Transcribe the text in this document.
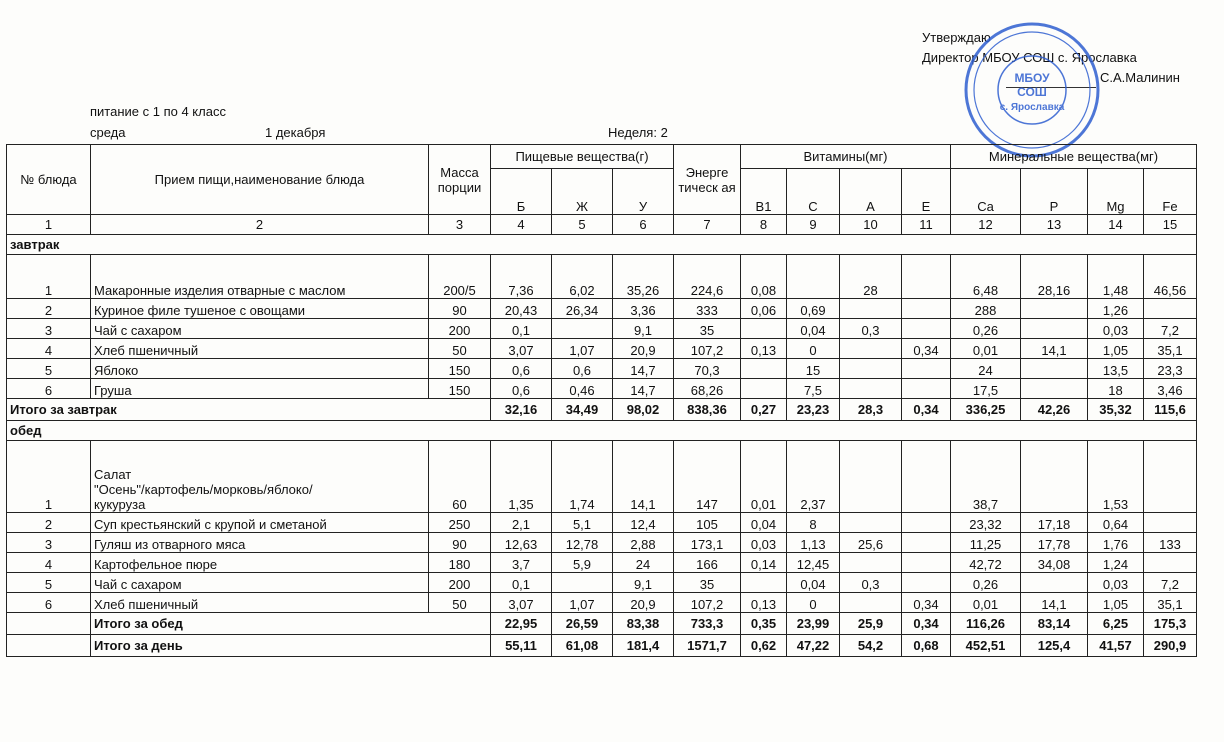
Утверждаю
Директор МБОУ СОШ с. Ярославка
С.А.Малинин
МБОУ
СОШ
с. Ярославка
питание с 1 по 4 класс
среда	1 декабря	Неделя: 2
№ блюда	Прием пищи,наименование блюда	Масса порции	Пищевые вещества(г)			Энерге тическ ая	Витамины(мг)				Минеральные вещества(мг)			
			Б	Ж	У		B1	C	A	E	Ca	P	Mg	Fe
1	2	3	4	5	6	7	8	9	10	11	12	13	14	15
завтрак														
1	Макаронные изделия отварные с маслом	200/5	7,36	6,02	35,26	224,6	0,08		28		6,48	28,16	1,48	46,56
2	Куриное филе тушеное с овощами	90	20,43	26,34	3,36	333	0,06	0,69			288		1,26	
3	Чай с сахаром	200	0,1		9,1	35		0,04	0,3		0,26		0,03	7,2
4	Хлеб пшеничный	50	3,07	1,07	20,9	107,2	0,13	0		0,34	0,01	14,1	1,05	35,1
5	Яблоко	150	0,6	0,6	14,7	70,3		15			24		13,5	23,3
6	Груша	150	0,6	0,46	14,7	68,26		7,5			17,5		18	3,46
Итого за завтрак			32,16	34,49	98,02	838,36	0,27	23,23	28,3	0,34	336,25	42,26	35,32	115,6
обед														
1	Салат
"Осень"/картофель/морковь/яблоко/
кукуруза	60	1,35	1,74	14,1	147	0,01	2,37			38,7		1,53	
2	Суп крестьянский с крупой и сметаной	250	2,1	5,1	12,4	105	0,04	8			23,32	17,18	0,64	
3	Гуляш из отварного мяса	90	12,63	12,78	2,88	173,1	0,03	1,13	25,6		11,25	17,78	1,76	133
4	Картофельное пюре	180	3,7	5,9	24	166	0,14	12,45			42,72	34,08	1,24	
5	Чай с сахаром	200	0,1		9,1	35		0,04	0,3		0,26		0,03	7,2
6	Хлеб пшеничный	50	3,07	1,07	20,9	107,2	0,13	0		0,34	0,01	14,1	1,05	35,1
	Итого за обед		22,95	26,59	83,38	733,3	0,35	23,99	25,9	0,34	116,26	83,14	6,25	175,3
	Итого за день		55,11	61,08	181,4	1571,7	0,62	47,22	54,2	0,68	452,51	125,4	41,57	290,9
